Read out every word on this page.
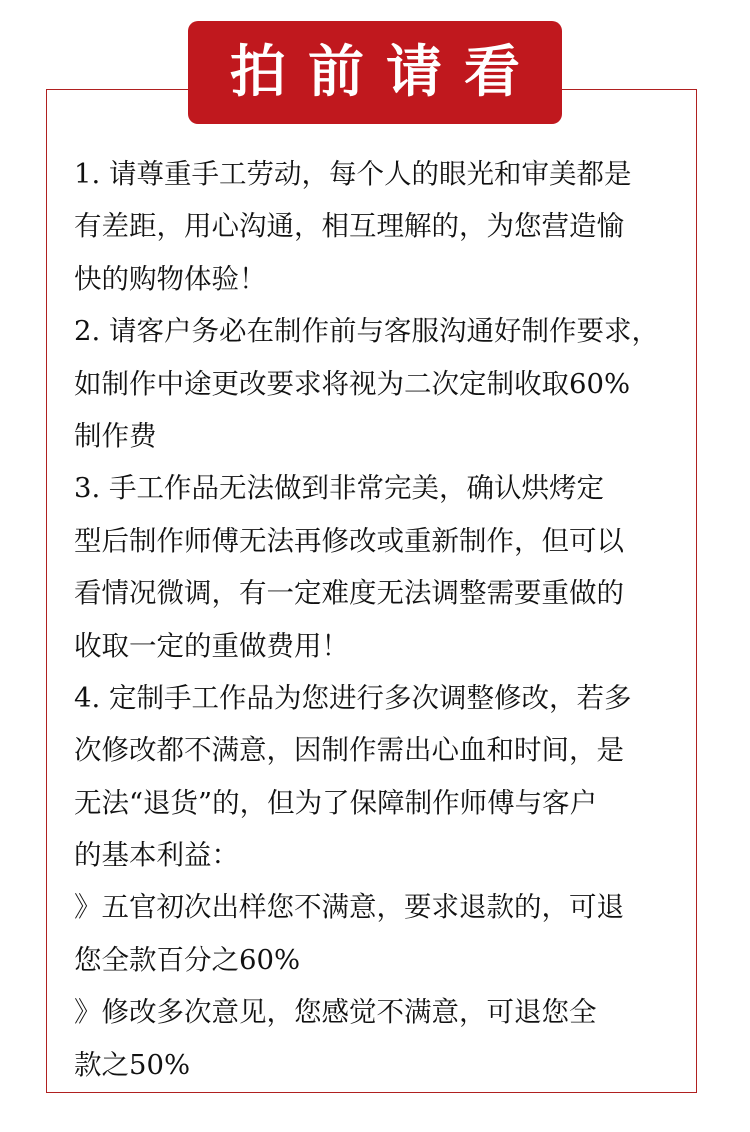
拍前请看
1. 请尊重手工劳动，每个人的眼光和审美都是
有差距，用心沟通，相互理解的，为您营造愉
快的购物体验！
2. 请客户务必在制作前与客服沟通好制作要求，
如制作中途更改要求将视为二次定制收取60%
制作费
3. 手工作品无法做到非常完美，确认烘烤定
型后制作师傅无法再修改或重新制作，但可以
看情况微调，有一定难度无法调整需要重做的
收取一定的重做费用！
4. 定制手工作品为您进行多次调整修改，若多
次修改都不满意，因制作需出心血和时间，是
无法“退货”的，但为了保障制作师傅与客户
的基本利益：
》五官初次出样您不满意，要求退款的，可退
您全款百分之60%
》修改多次意见，您感觉不满意，可退您全
款之50%
